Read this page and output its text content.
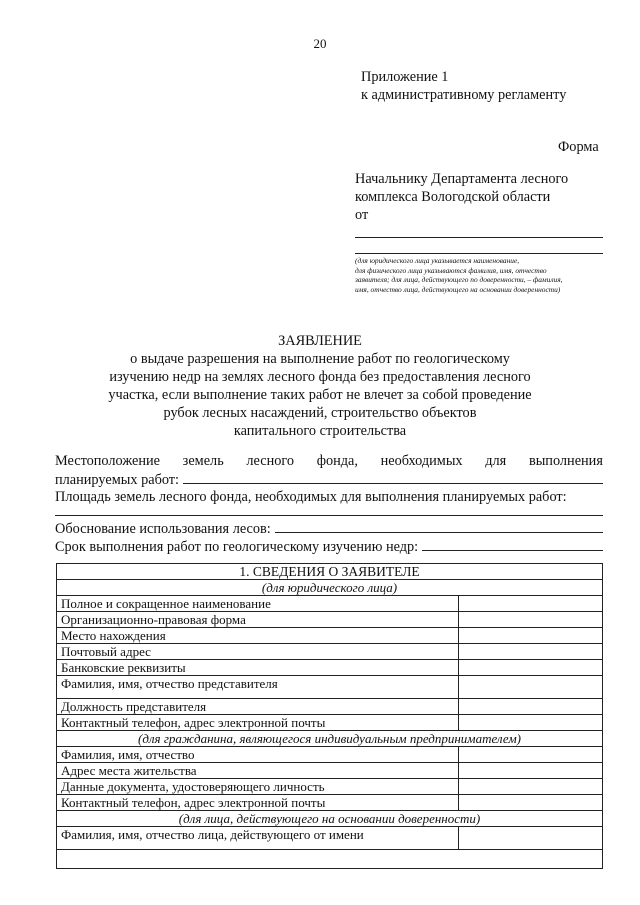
20
Приложение 1
к административному регламенту
Форма
Начальнику Департамента лесного
комплекса Вологодской области
от
(для юридического лица указывается наименование,
для физического лица указываются фамилия, имя, отчество
заявителя; для лица, действующего по доверенности, – фамилия,
имя, отчество лица, действующего на основании доверенности)
ЗАЯВЛЕНИЕ
о выдаче разрешения на выполнение работ по геологическому
изучению недр на землях лесного фонда без предоставления лесного
участка, если выполнение таких работ не влечет за собой проведение
рубок лесных насаждений, строительство объектов
капитального строительства
Местоположение земель лесного фонда, необходимых для выполнения
планируемых работ:
Площадь земель лесного фонда, необходимых для выполнения планируемых работ:
Обоснование использования лесов:
Срок выполнения работ по геологическому изучению недр:
1. СВЕДЕНИЯ О ЗАЯВИТЕЛЕ	
(для юридического лица)	
Полное и сокращенное наименование	
Организационно-правовая форма	
Место нахождения	
Почтовый адрес	
Банковские реквизиты	
Фамилия, имя, отчество представителя	
Должность представителя	
Контактный телефон, адрес электронной почты	
(для гражданина, являющегося индивидуальным предпринимателем)	
Фамилия, имя, отчество	
Адрес места жительства	
Данные документа, удостоверяющего личность	
Контактный телефон, адрес электронной почты	
(для лица, действующего на основании доверенности)	
Фамилия, имя, отчество лица, действующего от имени	
